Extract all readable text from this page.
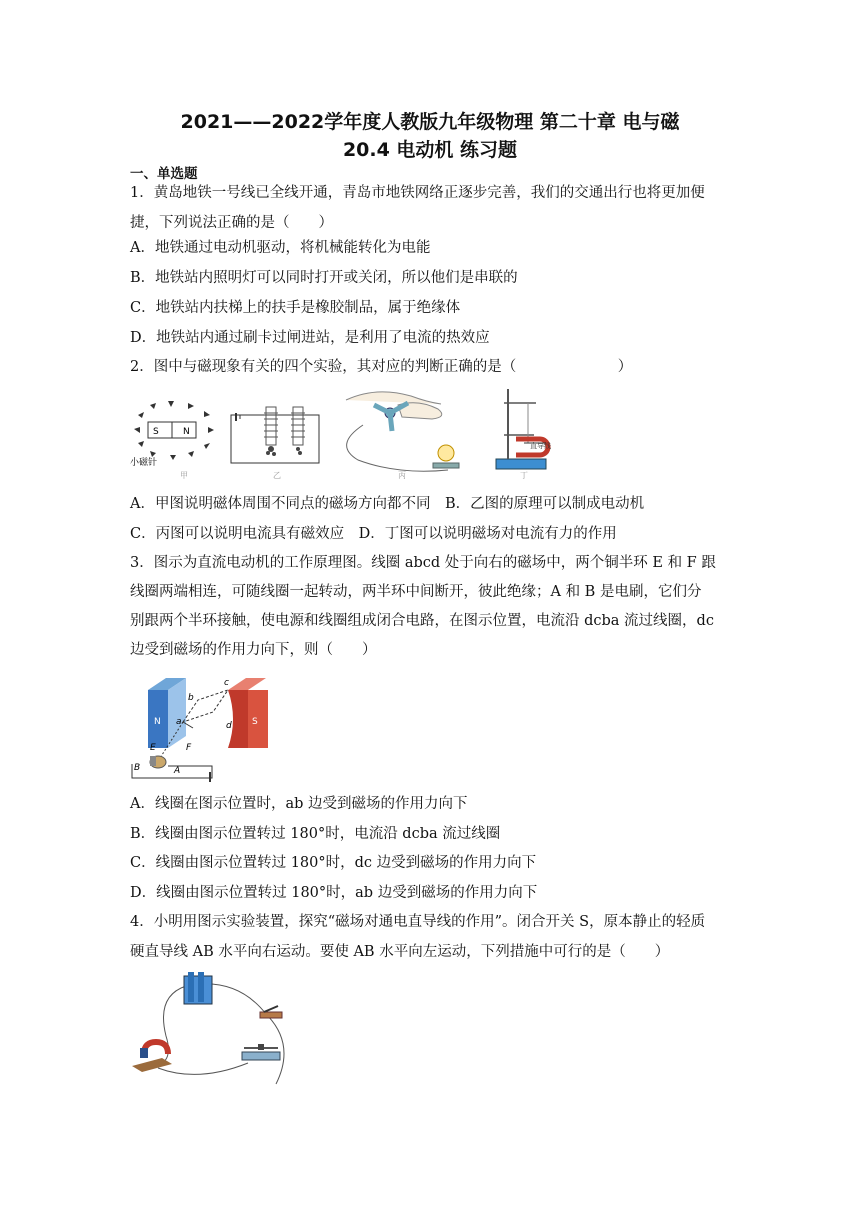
2021——2022学年度人教版九年级物理 第二十章 电与磁
20.4 电动机 练习题
一、单选题
1．黄岛地铁一号线已全线开通，青岛市地铁网络正逐步完善，我们的交通出行也将更加便
捷，下列说法正确的是（　　）
A．地铁通过电动机驱动，将机械能转化为电能
B．地铁站内照明灯可以同时打开或关闭，所以他们是串联的
C．地铁站内扶梯上的扶手是橡胶制品，属于绝缘体
D．地铁站内通过刷卡过闸进站，是利用了电流的热效应
2．图中与磁现象有关的四个实验，其对应的判断正确的是（　　　　　　　）
S	N
小磁针
甲	乙	丙
直导线
丁
A．甲图说明磁体周围不同点的磁场方向都不同　B．乙图的原理可以制成电动机
C．丙图可以说明电流具有磁效应　D．丁图可以说明磁场对电流有力的作用
3．图示为直流电动机的工作原理图。线圈 abcd 处于向右的磁场中，两个铜半环 E 和 F 跟
线圈两端相连，可随线圈一起转动，两半环中间断开，彼此绝缘；A 和 B 是电刷，它们分
别跟两个半环接触，使电源和线圈组成闭合电路，在图示位置，电流沿 dcba 流过线圈，dc
边受到磁场的作用力向下，则（　　）
N	S
a
b
c
d
E	F
A
B
A．线圈在图示位置时，ab 边受到磁场的作用力向下
B．线圈由图示位置转过 180°时，电流沿 dcba 流过线圈
C．线圈由图示位置转过 180°时，dc 边受到磁场的作用力向下
D．线圈由图示位置转过 180°时，ab 边受到磁场的作用力向下
4．小明用图示实验装置，探究“磁场对通电直导线的作用”。闭合开关 S，原本静止的轻质
硬直导线 AB 水平向右运动。要使 AB 水平向左运动，下列措施中可行的是（　　）
